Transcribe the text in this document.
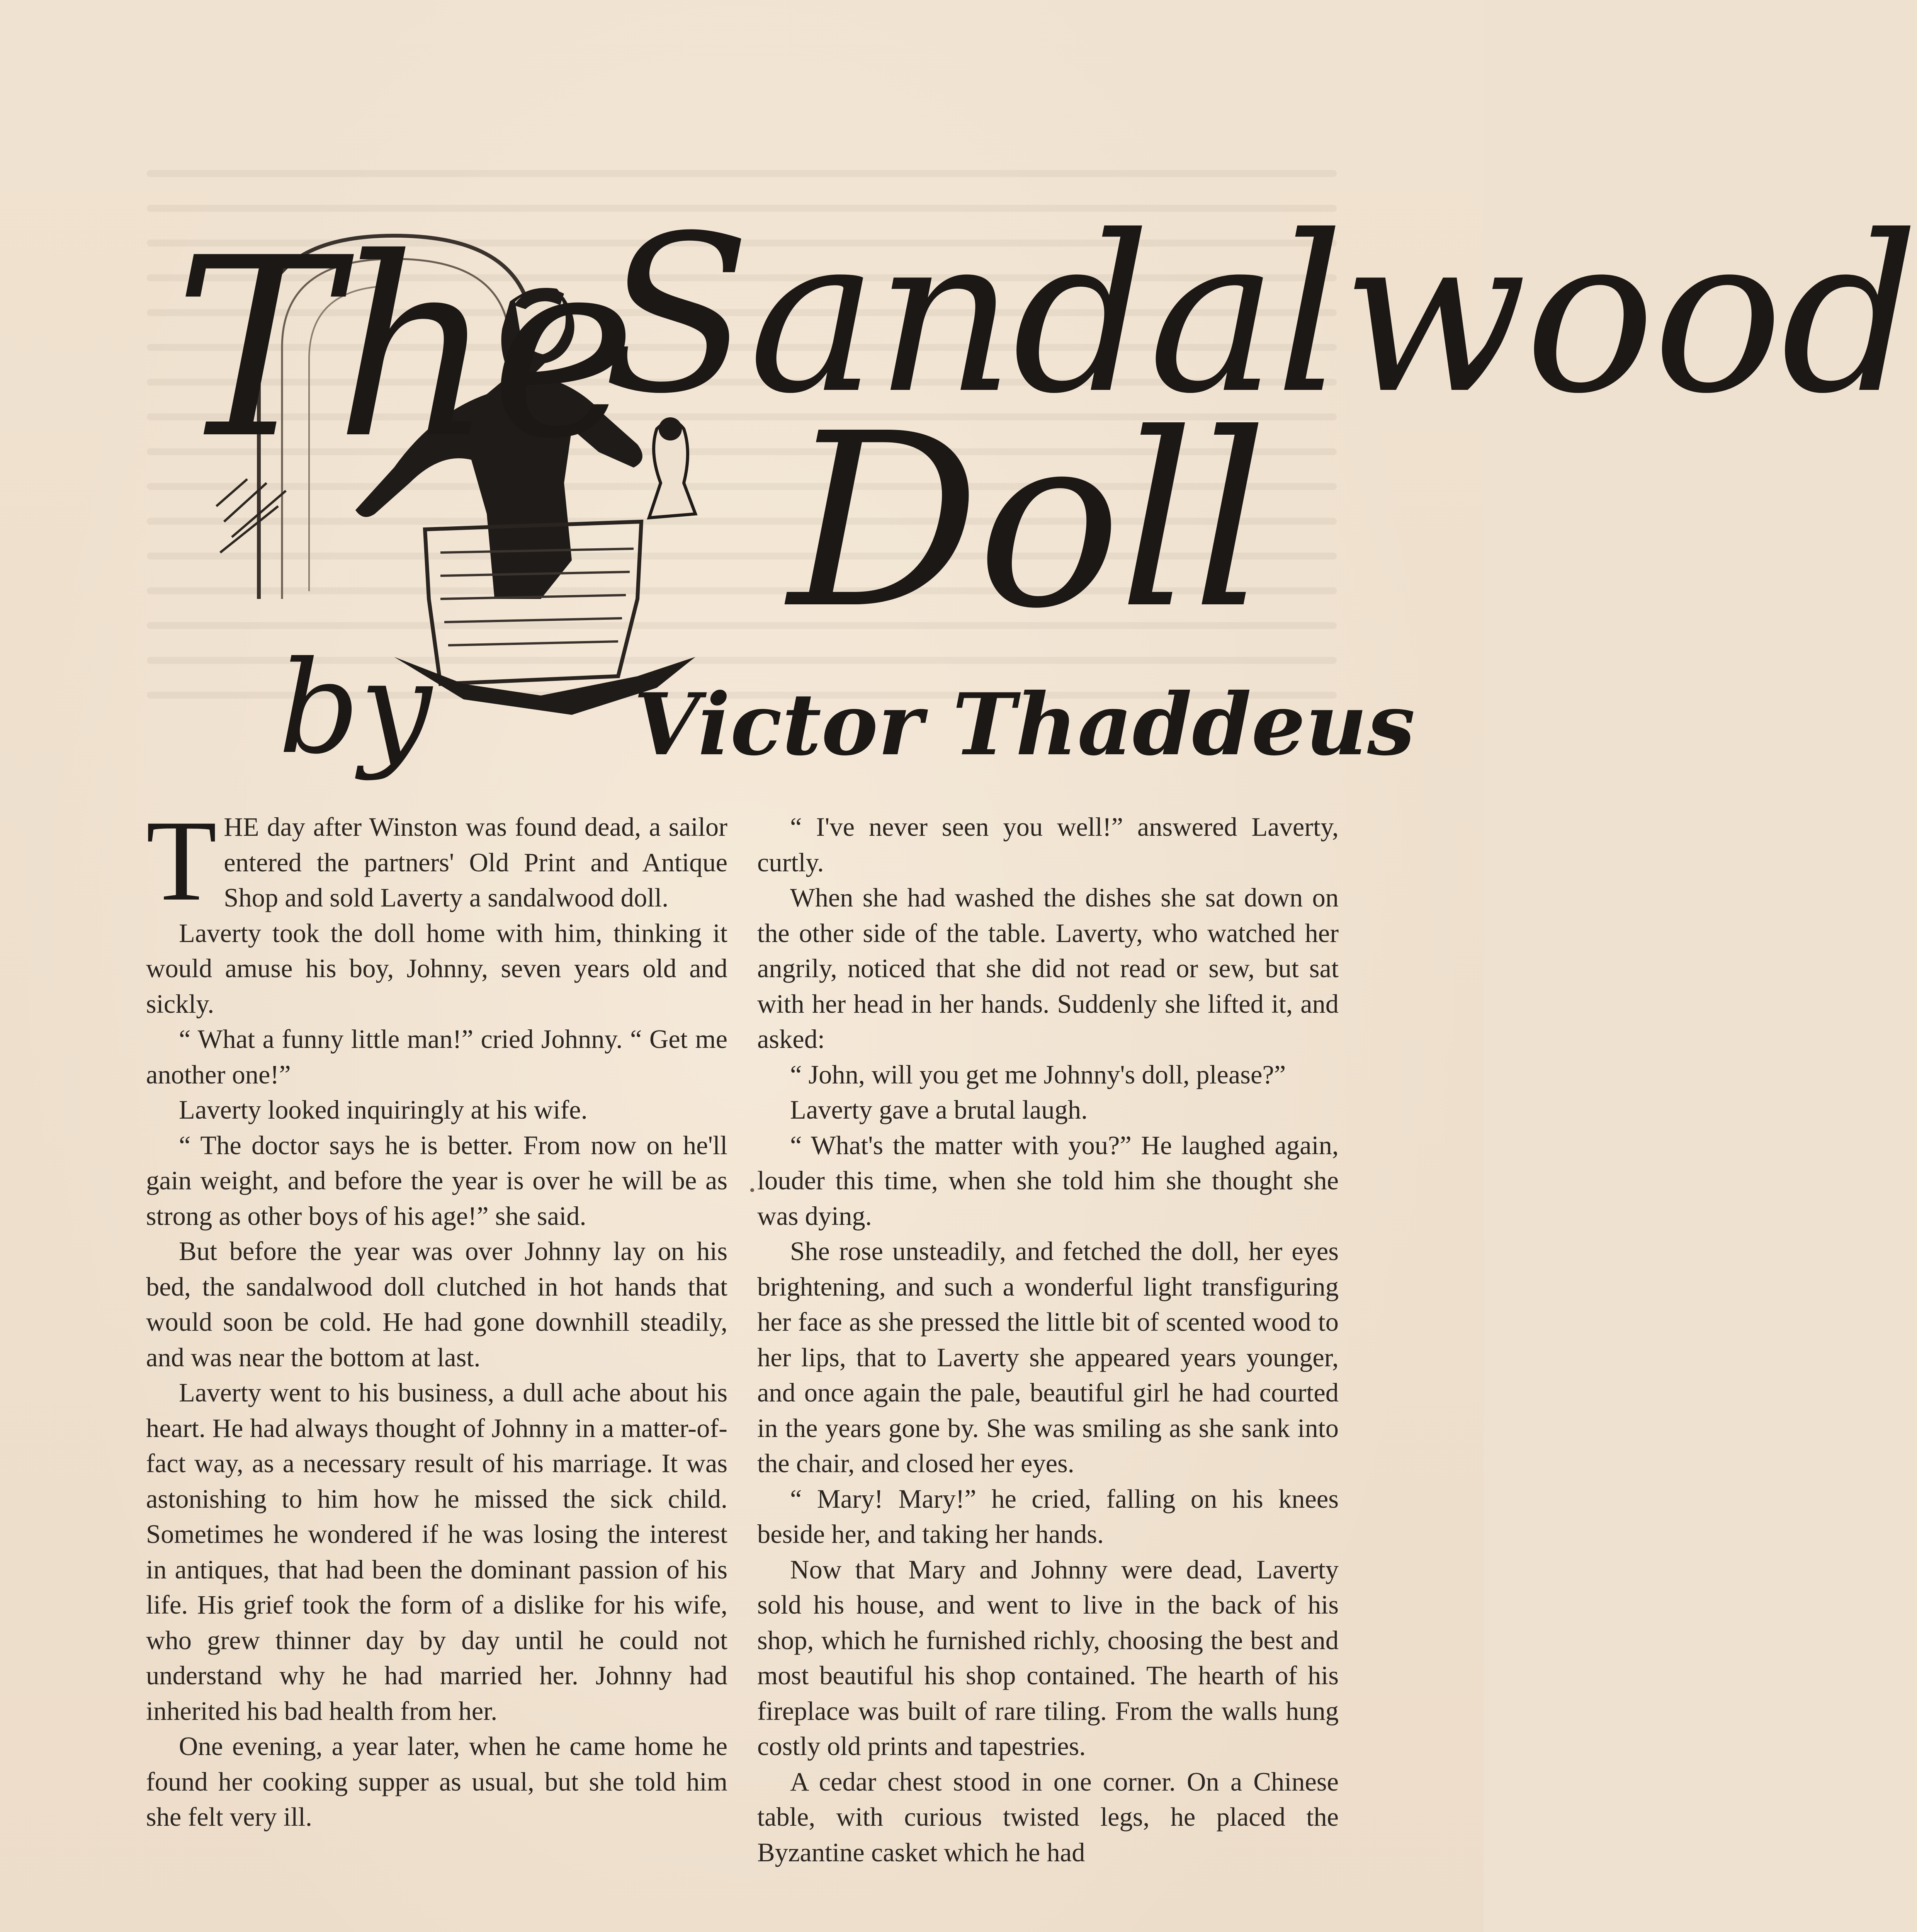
The
Sandalwood
Doll
by Victor Thaddeus

THE day after Winston was found dead, a sailor entered the partners' Old Print and Antique Shop and sold Laverty a sandalwood doll.

Laverty took the doll home with him, thinking it would amuse his boy, Johnny, seven years old and sickly.

“ What a funny little man!” cried Johnny. “ Get me another one!”

Laverty looked inquiringly at his wife.

“ The doctor says he is better. From now on he'll gain weight, and before the year is over he will be as strong as other boys of his age!” she said.

But before the year was over Johnny lay on his bed, the sandalwood doll clutched in hot hands that would soon be cold. He had gone downhill steadily, and was near the bottom at last.

Laverty went to his business, a dull ache about his heart. He had always thought of Johnny in a matter-of-fact way, as a necessary result of his marriage. It was astonishing to him how he missed the sick child. Sometimes he wondered if he was losing the interest in antiques, that had been the dominant passion of his life. His grief took the form of a dislike for his wife, who grew thinner day by day until he could not understand why he had married her. Johnny had inherited his bad health from her.

One evening, a year later, when he came home he found her cooking supper as usual, but she told him she felt very ill.

“ I've never seen you well!” answered Laverty, curtly.

When she had washed the dishes she sat down on the other side of the table. Laverty, who watched her angrily, noticed that she did not read or sew, but sat with her head in her hands. Suddenly she lifted it, and asked:

“ John, will you get me Johnny's doll, please?”

Laverty gave a brutal laugh.

“ What's the matter with you?” He laughed again, louder this time, when she told him she thought she was dying.

She rose unsteadily, and fetched the doll, her eyes brightening, and such a wonderful light transfiguring her face as she pressed the little bit of scented wood to her lips, that to Laverty she appeared years younger, and once again the pale, beautiful girl he had courted in the years gone by. She was smiling as she sank into the chair, and closed her eyes.

“ Mary! Mary!” he cried, falling on his knees beside her, and taking her hands.

Now that Mary and Johnny were dead, Laverty sold his house, and went to live in the back of his shop, which he furnished richly, choosing the best and most beautiful his shop contained. The hearth of his fireplace was built of rare tiling. From the walls hung costly old prints and tapestries.

A cedar chest stood in one corner. On a Chinese table, with curious twisted legs, he placed the Byzantine casket which he had
